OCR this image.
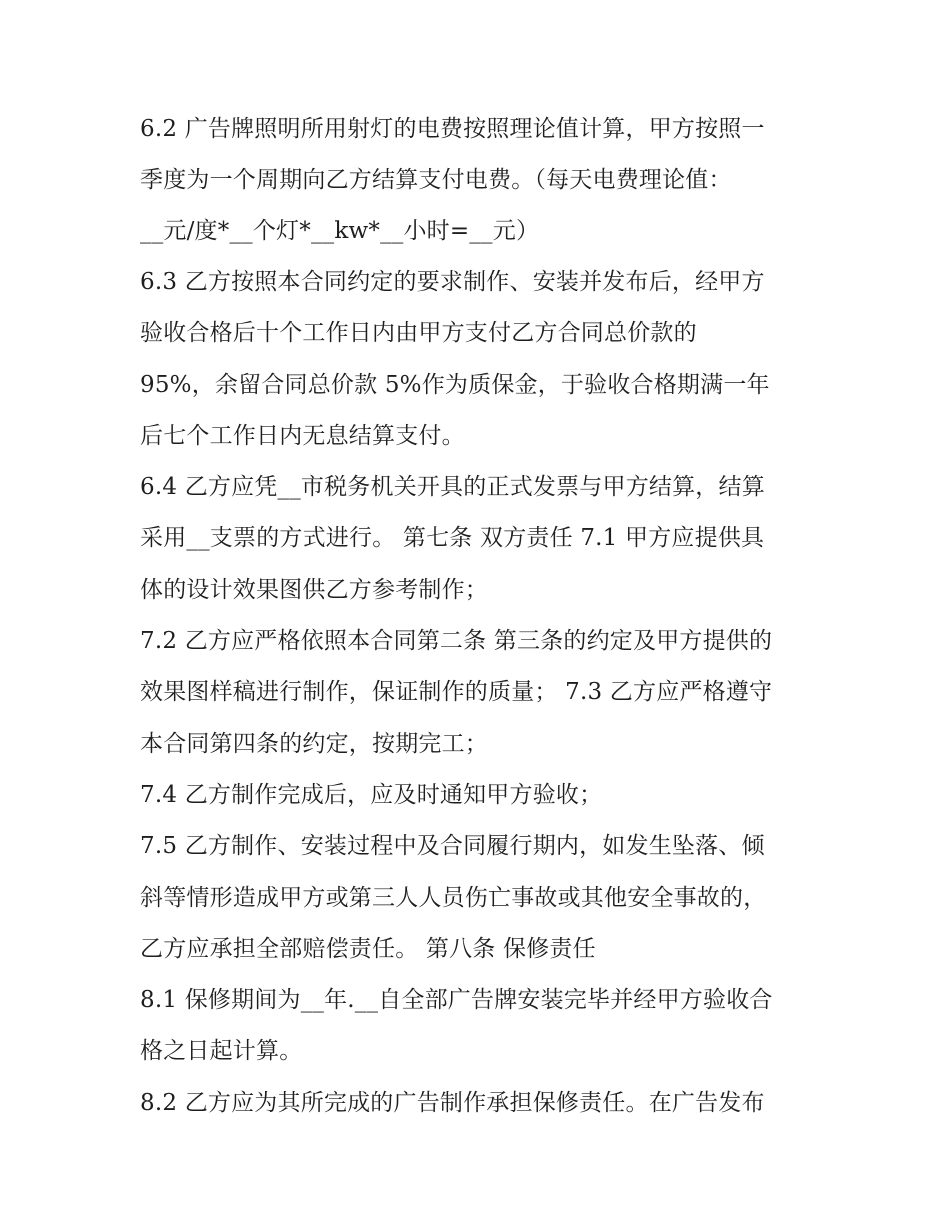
6.2 广告牌照明所用射灯的电费按照理论值计算，甲方按照一
季度为一个周期向乙方结算支付电费。（每天电费理论值：
__元/度*__个灯*__kw*__小时=__元）
6.3 乙方按照本合同约定的要求制作、安装并发布后，经甲方
验收合格后十个工作日内由甲方支付乙方合同总价款的
95%，余留合同总价款 5%作为质保金，于验收合格期满一年
后七个工作日内无息结算支付。
6.4 乙方应凭__市税务机关开具的正式发票与甲方结算，结算
采用__支票的方式进行。 第七条 双方责任 7.1 甲方应提供具
体的设计效果图供乙方参考制作；
7.2 乙方应严格依照本合同第二条 第三条的约定及甲方提供的
效果图样稿进行制作，保证制作的质量； 7.3 乙方应严格遵守
本合同第四条的约定，按期完工；
7.4 乙方制作完成后，应及时通知甲方验收；
7.5 乙方制作、安装过程中及合同履行期内，如发生坠落、倾
斜等情形造成甲方或第三人人员伤亡事故或其他安全事故的，
乙方应承担全部赔偿责任。 第八条 保修责任
8.1 保修期间为__年.__自全部广告牌安装完毕并经甲方验收合
格之日起计算。
8.2 乙方应为其所完成的广告制作承担保修责任。在广告发布
